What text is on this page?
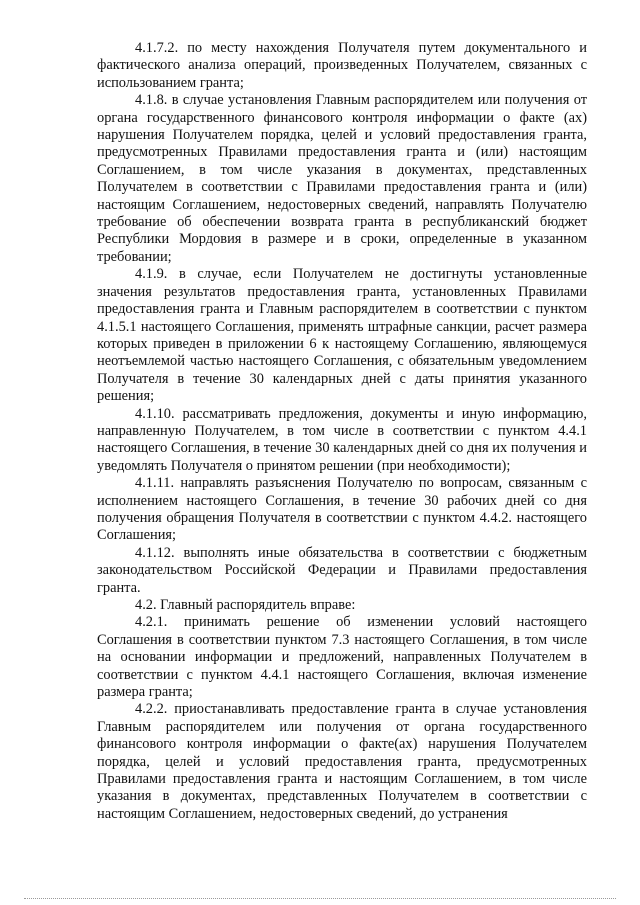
4.1.7.2. по месту нахождения Получателя путем документального и фактического анализа операций, произведенных Получателем, связанных с использованием гранта;

4.1.8. в случае установления Главным распорядителем или получения от органа государственного финансового контроля информации о факте (ах) нарушения Получателем порядка, целей и условий предоставления гранта, предусмотренных Правилами предоставления гранта и (или) настоящим Соглашением, в том числе указания в документах, представленных Получателем в соответствии с Правилами предоставления гранта и (или) настоящим Соглашением, недостоверных сведений, направлять Получателю требование об обеспечении возврата гранта в республиканский бюджет Республики Мордовия в размере и в сроки, определенные в указанном требовании;

4.1.9. в случае, если Получателем не достигнуты установленные значения результатов предоставления гранта, установленных Правилами предоставления гранта и Главным распорядителем в соответствии с пунктом 4.1.5.1 настоящего Соглашения, применять штрафные санкции, расчет размера которых приведен в приложении 6 к настоящему Соглашению, являющемуся неотъемлемой частью настоящего Соглашения, с обязательным уведомлением Получателя в течение 30 календарных дней с даты принятия указанного решения;

4.1.10. рассматривать предложения, документы и иную информацию, направленную Получателем, в том числе в соответствии с пунктом 4.4.1 настоящего Соглашения, в течение 30 календарных дней со дня их получения и уведомлять Получателя о принятом решении (при необходимости);

4.1.11. направлять разъяснения Получателю по вопросам, связанным с исполнением настоящего Соглашения, в течение 30 рабочих дней со дня получения обращения Получателя в соответствии с пунктом 4.4.2. настоящего Соглашения;

4.1.12. выполнять иные обязательства в соответствии с бюджетным законодательством Российской Федерации и Правилами предоставления гранта.

4.2. Главный распорядитель вправе:

4.2.1. принимать решение об изменении условий настоящего Соглашения в соответствии пунктом 7.3 настоящего Соглашения, в том числе на основании информации и предложений, направленных Получателем в соответствии с пунктом 4.4.1 настоящего Соглашения, включая изменение размера гранта;

4.2.2. приостанавливать предоставление гранта в случае установления Главным распорядителем или получения от органа государственного финансового контроля информации о факте(ах) нарушения Получателем порядка, целей и условий предоставления гранта, предусмотренных Правилами предоставления гранта и настоящим Соглашением, в том числе указания в документах, представленных Получателем в соответствии с настоящим Соглашением, недостоверных сведений, до устранения
